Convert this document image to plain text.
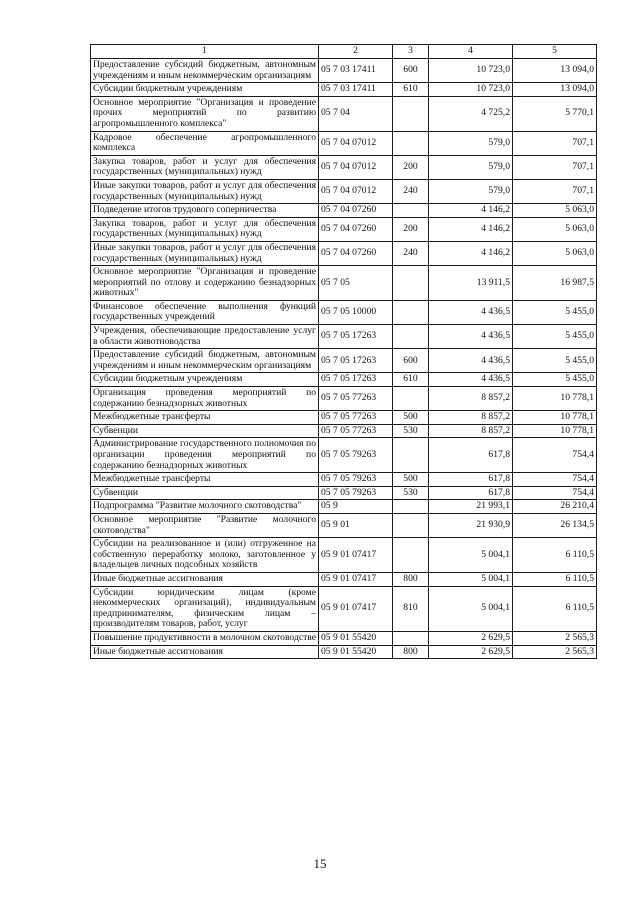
1	2	3	4	5
Предоставление субсидий бюджетным, автономным учреждениям и иным некоммерческим организациям	05 7 03 17411	600	10 723,0	13 094,0
Субсидии бюджетным учреждениям	05 7 03 17411	610	10 723,0	13 094,0
Основное мероприятие "Организация и проведение прочих мероприятий по развитию агропромышленного комплекса"	05 7 04		4 725,2	5 770,1
Кадровое обеспечение агропромышленного комплекса	05 7 04 07012		579,0	707,1
Закупка товаров, работ и услуг для обеспечения государственных (муниципальных) нужд	05 7 04 07012	200	579,0	707,1
Иные закупки товаров, работ и услуг для обеспечения государственных (муниципальных) нужд	05 7 04 07012	240	579,0	707,1
Подведение итогов трудового соперничества	05 7 04 07260		4 146,2	5 063,0
Закупка товаров, работ и услуг для обеспечения государственных (муниципальных) нужд	05 7 04 07260	200	4 146,2	5 063,0
Иные закупки товаров, работ и услуг для обеспечения государственных (муниципальных) нужд	05 7 04 07260	240	4 146,2	5 063,0
Основное мероприятие "Организация и проведение мероприятий по отлову и содержанию безнадзорных животных"	05 7 05		13 911,5	16 987,5
Финансовое обеспечение выполнения функций государственных учреждений	05 7 05 10000		4 436,5	5 455,0
Учреждения, обеспечивающие предоставление услуг в области животноводства	05 7 05 17263		4 436,5	5 455,0
Предоставление субсидий бюджетным, автономным учреждениям и иным некоммерческим организациям	05 7 05 17263	600	4 436,5	5 455,0
Субсидии бюджетным учреждениям	05 7 05 17263	610	4 436,5	5 455,0
Организация проведения мероприятий по содержанию безнадзорных животных	05 7 05 77263		8 857,2	10 778,1
Межбюджетные трансферты	05 7 05 77263	500	8 857,2	10 778,1
Субвенции	05 7 05 77263	530	8 857,2	10 778,1
Администрирование государственного полномочия по организации проведения мероприятий по содержанию безнадзорных животных	05 7 05 79263		617,8	754,4
Межбюджетные трансферты	05 7 05 79263	500	617,8	754,4
Субвенции	05 7 05 79263	530	617,8	754,4
Подпрограмма "Развитие молочного скотоводства"	05 9		21 993,1	26 210,4
Основное мероприятие "Развитие молочного скотоводства"	05 9 01		21 930,9	26 134,5
Субсидии на реализованное и (или) отгруженное на собственную переработку молоко, заготовленное у владельцев личных подсобных хозяйств	05 9 01 07417		5 004,1	6 110,5
Иные бюджетные ассигнования	05 9 01 07417	800	5 004,1	6 110,5
Субсидии юридическим лицам (кроме некоммерческих организаций), индивидуальным предпринимателям, физическим лицам – производителям товаров, работ, услуг	05 9 01 07417	810	5 004,1	6 110,5
Повышение продуктивности в молочном скотоводстве	05 9 01 55420		2 629,5	2 565,3
Иные бюджетные ассигнования	05 9 01 55420	800	2 629,5	2 565,3
15
